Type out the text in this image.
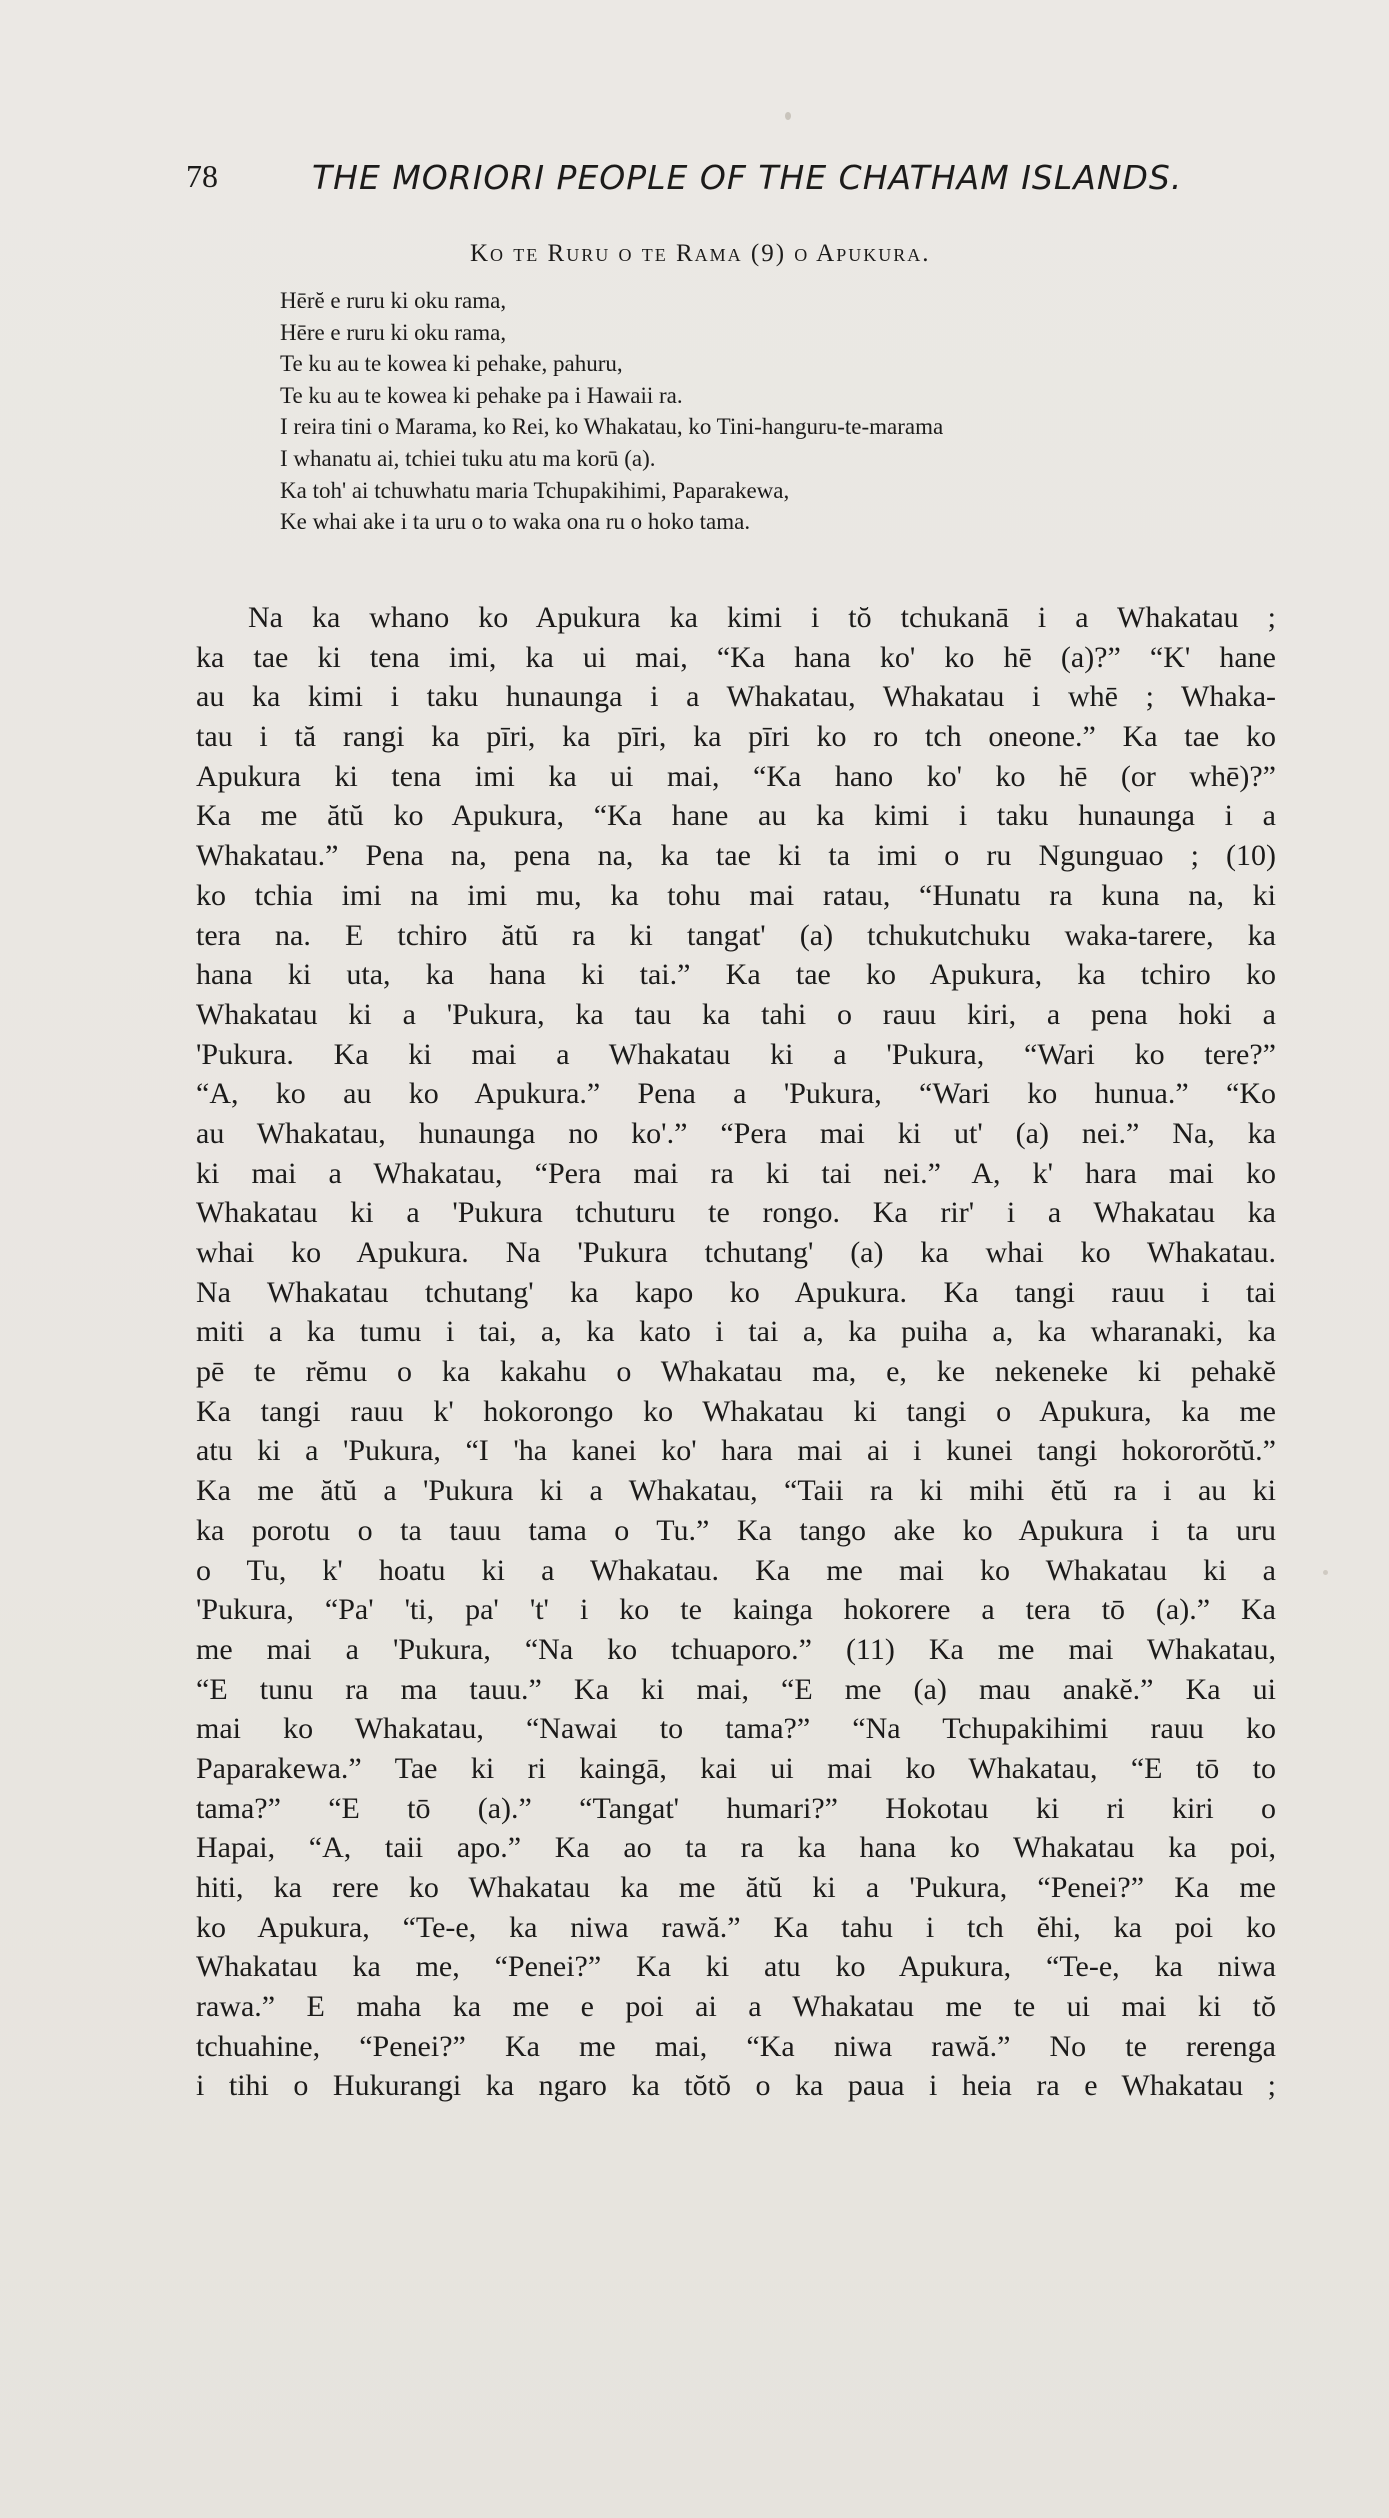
78	THE MORIORI PEOPLE OF THE CHATHAM ISLANDS.
Ko te Ruru o te Rama (9) o Apukura.
Hērĕ e ruru ki oku rama,
Hēre e ruru ki oku rama,
Te ku au te kowea ki pehake, pahuru,
Te ku au te kowea ki pehake pa i Hawaii ra.
I reira tini o Marama, ko Rei, ko Whakatau, ko Tini-hanguru-te-marama
I whanatu ai, tchiei tuku atu ma korū (a).
Ka toh' ai tchuwhatu maria Tchupakihimi, Paparakewa,
Ke whai ake i ta uru o to waka ona ru o hoko tama.
Na ka whano ko Apukura ka kimi i tŏ tchukanā i a Whakatau ;
ka tae ki tena imi, ka ui mai, “Ka hana ko' ko hē (a)?” “K' hane
au ka kimi i taku hunaunga i a Whakatau, Whakatau i whē ; Whaka-
tau i tă rangi ka pīri, ka pīri, ka pīri ko ro tch oneone.” Ka tae ko
Apukura ki tena imi ka ui mai, “Ka hano ko' ko hē (or whē)?”
Ka me ătŭ ko Apukura, “Ka hane au ka kimi i taku hunaunga i a
Whakatau.” Pena na, pena na, ka tae ki ta imi o ru Ngunguao ; (10)
ko tchia imi na imi mu, ka tohu mai ratau, “Hunatu ra kuna na, ki
tera na. E tchiro ătŭ ra ki tangat' (a) tchukutchuku waka-tarere, ka
hana ki uta, ka hana ki tai.” Ka tae ko Apukura, ka tchiro ko
Whakatau ki a 'Pukura, ka tau ka tahi o rauu kiri, a pena hoki a
'Pukura. Ka ki mai a Whakatau ki a 'Pukura, “Wari ko tere?”
“A, ko au ko Apukura.” Pena a 'Pukura, “Wari ko hunua.” “Ko
au Whakatau, hunaunga no ko'.” “Pera mai ki ut' (a) nei.” Na, ka
ki mai a Whakatau, “Pera mai ra ki tai nei.” A, k' hara mai ko
Whakatau ki a 'Pukura tchuturu te rongo. Ka rir' i a Whakatau ka
whai ko Apukura. Na 'Pukura tchutang' (a) ka whai ko Whakatau.
Na Whakatau tchutang' ka kapo ko Apukura. Ka tangi rauu i tai
miti a ka tumu i tai, a, ka kato i tai a, ka puiha a, ka wharanaki, ka
pē te rĕmu o ka kakahu o Whakatau ma, e, ke nekeneke ki pehakĕ
Ka tangi rauu k' hokorongo ko Whakatau ki tangi o Apukura, ka me
atu ki a 'Pukura, “I 'ha kanei ko' hara mai ai i kunei tangi hokororŏtŭ.”
Ka me ătŭ a 'Pukura ki a Whakatau, “Taii ra ki mihi ĕtŭ ra i au ki
ka porotu o ta tauu tama o Tu.” Ka tango ake ko Apukura i ta uru
o Tu, k' hoatu ki a Whakatau. Ka me mai ko Whakatau ki a
'Pukura, “Pa' 'ti, pa' 't' i ko te kainga hokorere a tera tō (a).” Ka
me mai a 'Pukura, “Na ko tchuaporo.” (11) Ka me mai Whakatau,
“E tunu ra ma tauu.” Ka ki mai, “E me (a) mau anakĕ.” Ka ui
mai ko Whakatau, “Nawai to tama?” “Na Tchupakihimi rauu ko
Paparakewa.” Tae ki ri kaingā, kai ui mai ko Whakatau, “E tō to
tama?” “E tō (a).” “Tangat' humari?” Hokotau ki ri kiri o
Hapai, “A, taii apo.” Ka ao ta ra ka hana ko Whakatau ka poi,
hiti, ka rere ko Whakatau ka me ătŭ ki a 'Pukura, “Penei?” Ka me
ko Apukura, “Te-e, ka niwa rawă.” Ka tahu i tch ĕhi, ka poi ko
Whakatau ka me, “Penei?” Ka ki atu ko Apukura, “Te-e, ka niwa
rawa.” E maha ka me e poi ai a Whakatau me te ui mai ki tŏ
tchuahine, “Penei?” Ka me mai, “Ka niwa rawă.” No te rerenga
i tihi o Hukurangi ka ngaro ka tŏtŏ o ka paua i heia ra e Whakatau ;
